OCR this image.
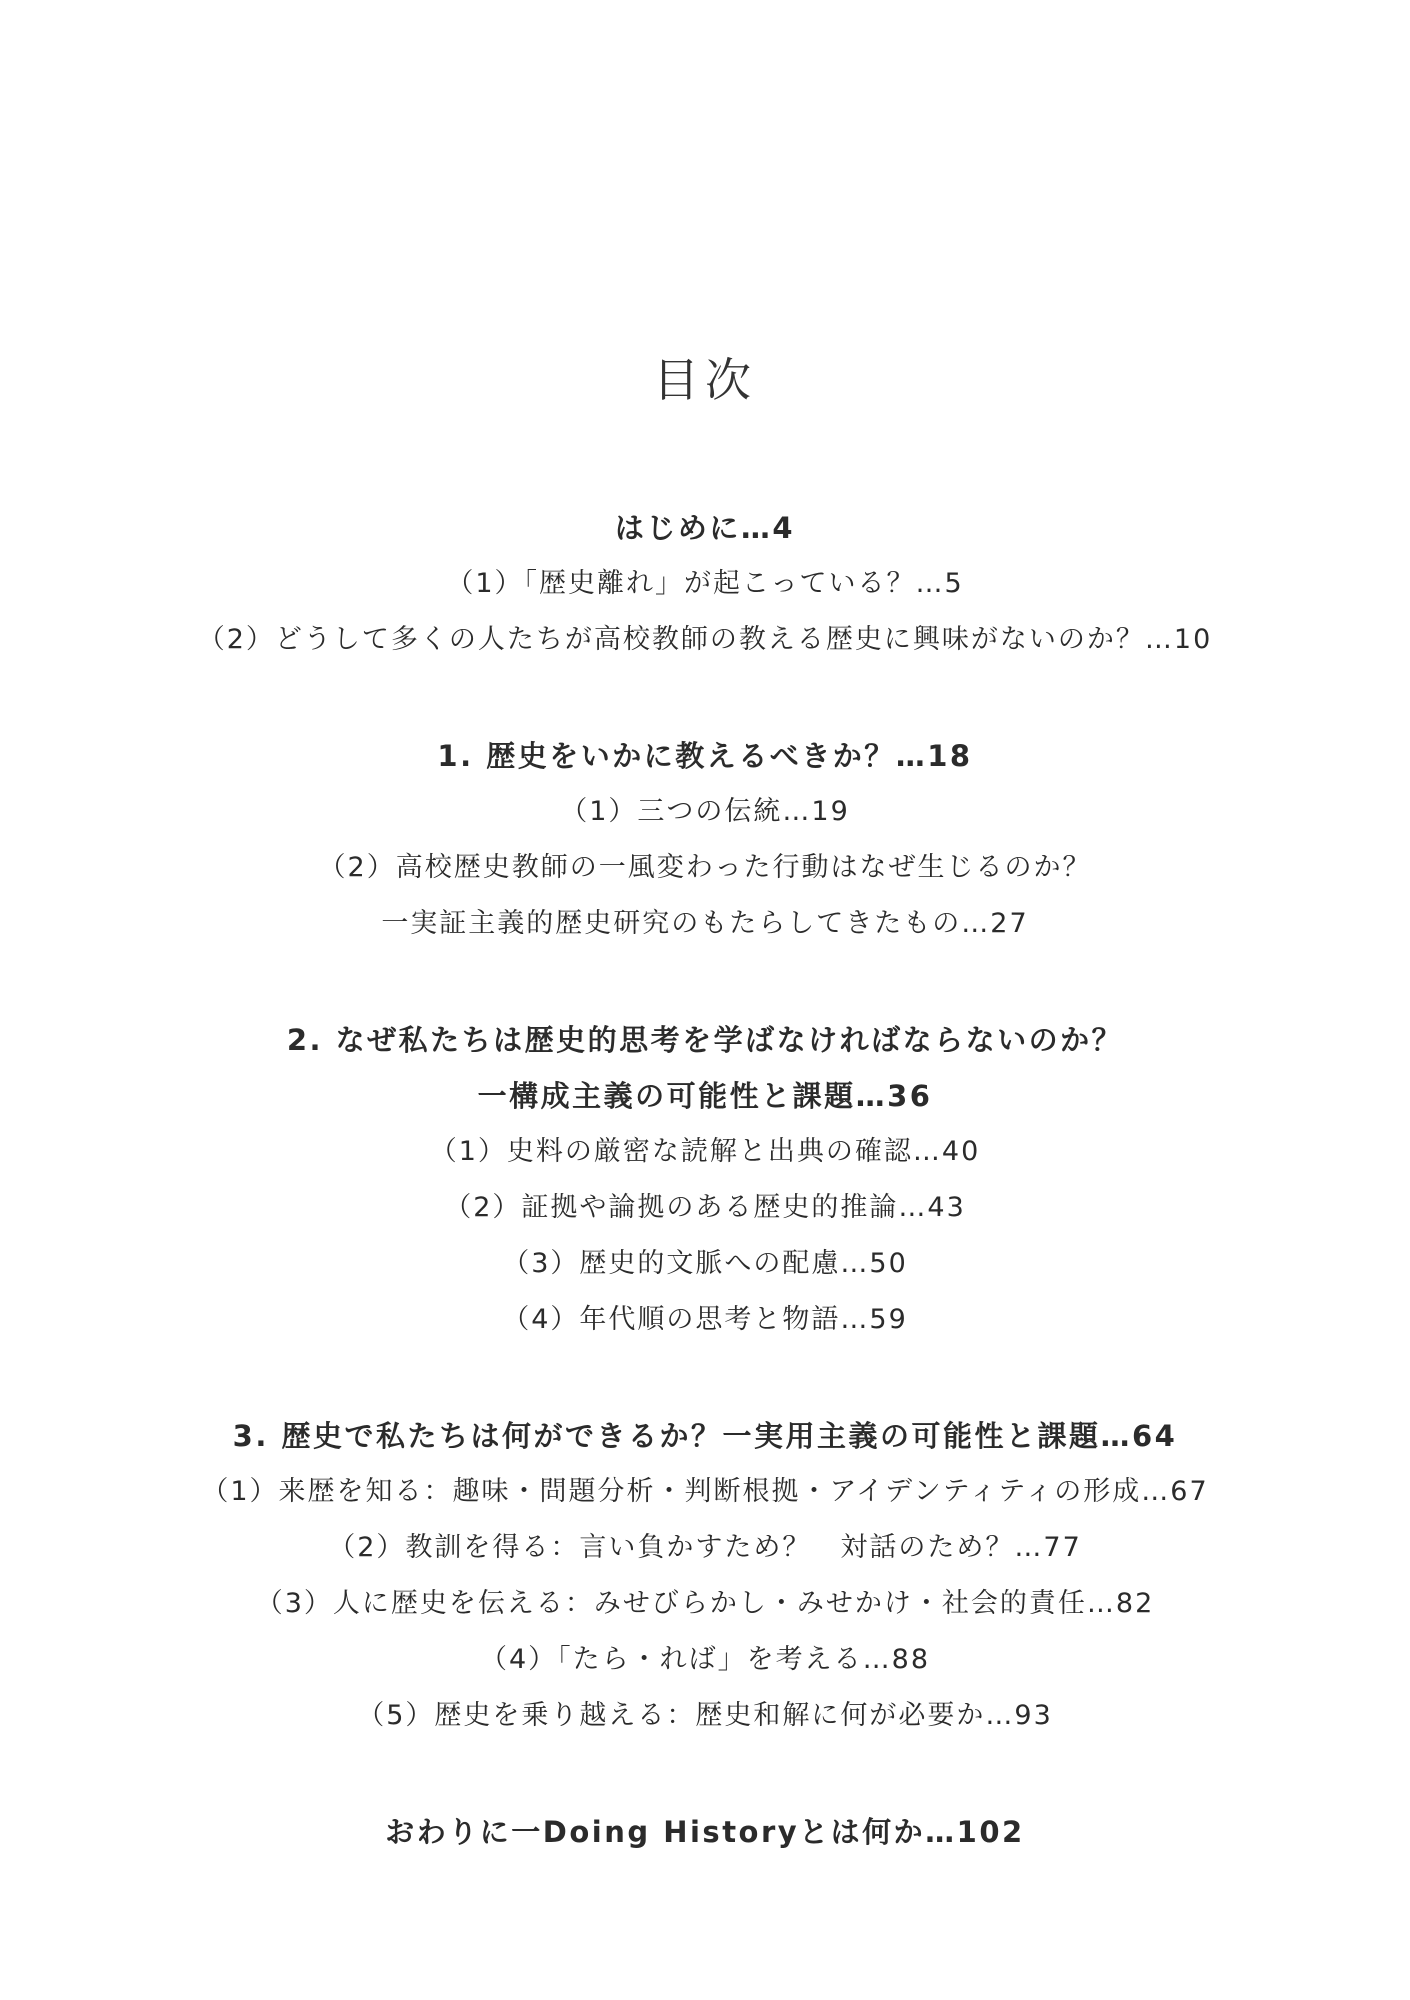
目次
はじめに…4
（1）「歴史離れ」が起こっている？…5
（2）どうして多くの人たちが高校教師の教える歴史に興味がないのか？…10
1. 歴史をいかに教えるべきか？…18
（1）三つの伝統…19
（2）高校歴史教師の一風変わった行動はなぜ生じるのか？
一実証主義的歴史研究のもたらしてきたもの…27
2. なぜ私たちは歴史的思考を学ばなければならないのか？
一構成主義の可能性と課題…36
（1）史料の厳密な読解と出典の確認…40
（2）証拠や論拠のある歴史的推論…43
（3）歴史的文脈への配慮…50
（4）年代順の思考と物語…59
3. 歴史で私たちは何ができるか？一実用主義の可能性と課題…64
（1）来歴を知る：趣味・問題分析・判断根拠・アイデンティティの形成…67
（2）教訓を得る：言い負かすため？　対話のため？…77
（3）人に歴史を伝える：みせびらかし・みせかけ・社会的責任…82
（4）「たら・れば」を考える…88
（5）歴史を乗り越える：歴史和解に何が必要か…93
おわりに一Doing Historyとは何か…102
